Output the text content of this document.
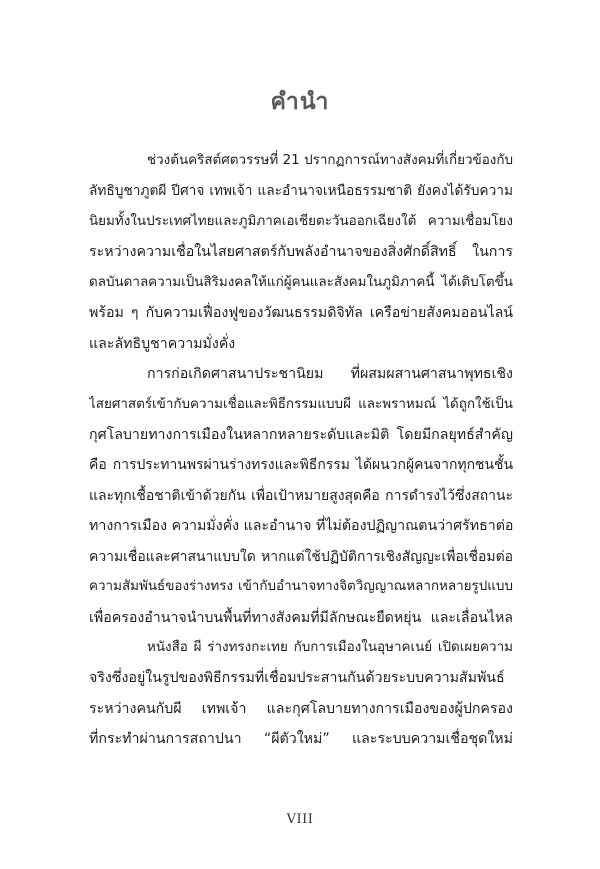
คำนำ
ช่วงต้นคริสต์ศตวรรษที่ 21 ปรากฏการณ์ทางสังคมที่เกี่ยวข้องกับ
ลัทธิบูชาภูตผี ปีศาจ เทพเจ้า และอำนาจเหนือธรรมชาติ ยังคงได้รับความ
นิยมทั้งในประเทศไทยและภูมิภาคเอเชียตะวันออกเฉียงใต้ ความเชื่อมโยง
ระหว่างความเชื่อในไสยศาสตร์กับพลังอำนาจของสิ่งศักดิ์สิทธิ์ ในการ
ดลบันดาลความเป็นสิริมงคลให้แก่ผู้คนและสังคมในภูมิภาคนี้ ได้เติบโตขึ้น
พร้อม ๆ กับความเฟื่องฟูของวัฒนธรรมดิจิทัล เครือข่ายสังคมออนไลน์
และลัทธิบูชาความมั่งคั่ง
การก่อเกิดศาสนาประชานิยม ที่ผสมผสานศาสนาพุทธเชิง
ไสยศาสตร์เข้ากับความเชื่อและพิธีกรรมแบบผี และพราหมณ์ ได้ถูกใช้เป็น
กุศโลบายทางการเมืองในหลากหลายระดับและมิติ โดยมีกลยุทธ์สำคัญ
คือ การประทานพรผ่านร่างทรงและพิธีกรรม ได้ผนวกผู้คนจากทุกชนชั้น
และทุกเชื้อชาติเข้าด้วยกัน เพื่อเป้าหมายสูงสุดคือ การดำรงไว้ซึ่งสถานะ
ทางการเมือง ความมั่งคั่ง และอำนาจ ที่ไม่ต้องปฏิญาณตนว่าศรัทธาต่อ
ความเชื่อและศาสนาแบบใด หากแต่ใช้ปฏิบัติการเชิงสัญญะเพื่อเชื่อมต่อ
ความสัมพันธ์ของร่างทรง เข้ากับอำนาจทางจิตวิญญาณหลากหลายรูปแบบ
เพื่อครองอำนาจนำบนพื้นที่ทางสังคมที่มีลักษณะยืดหยุ่น และเลื่อนไหล
หนังสือ ผี ร่างทรงกะเทย กับการเมืองในอุษาคเนย์ เปิดเผยความ
จริงซึ่งอยู่ในรูปของพิธีกรรมที่เชื่อมประสานกันด้วยระบบความสัมพันธ์
ระหว่างคนกับผี เทพเจ้า และกุศโลบายทางการเมืองของผู้ปกครอง
ที่กระทำผ่านการสถาปนา “ผีตัวใหม่” และระบบความเชื่อชุดใหม่
VIII
